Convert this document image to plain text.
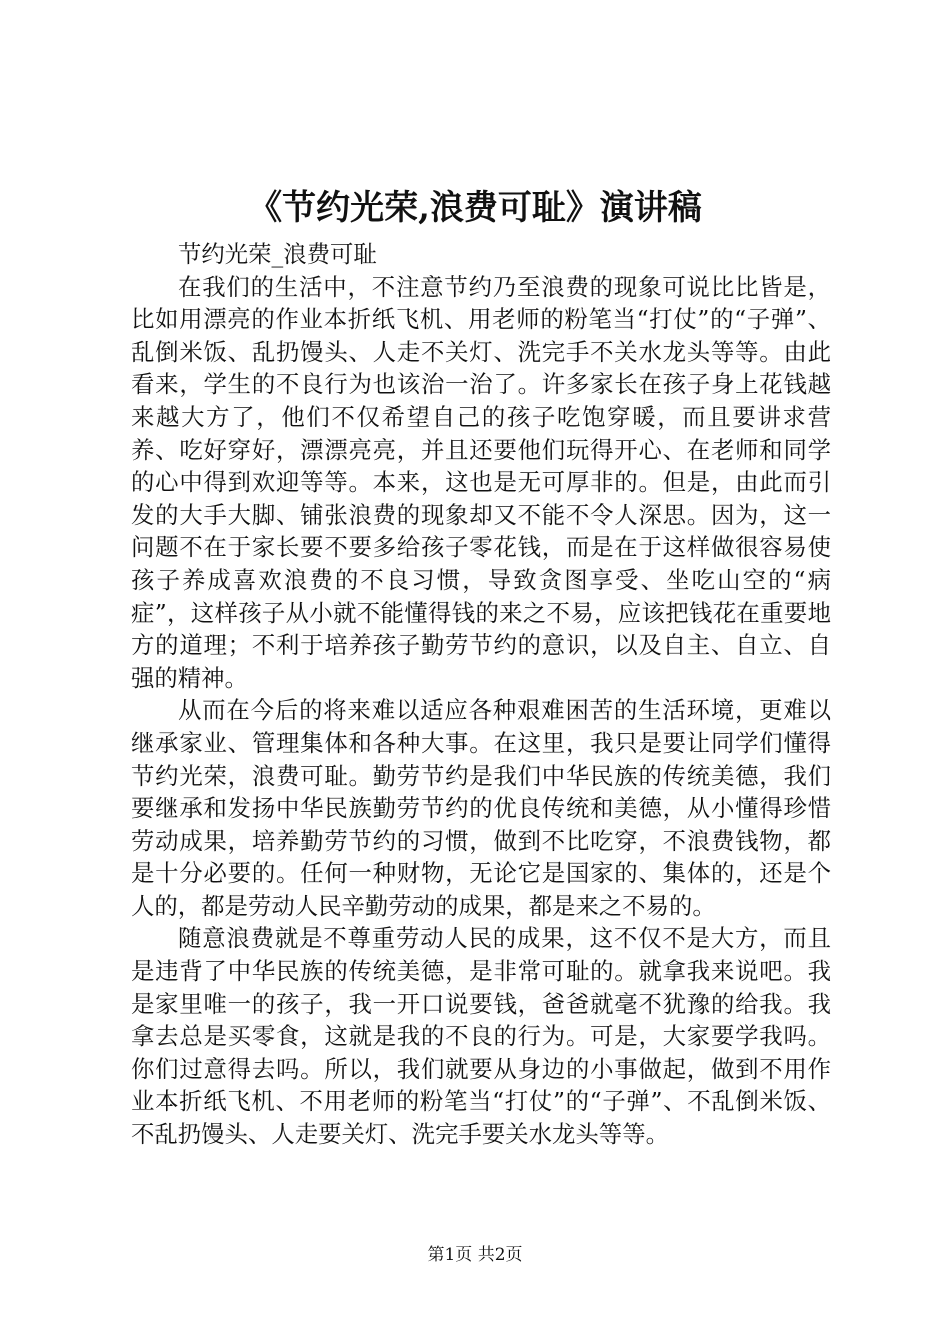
《节约光荣,浪费可耻》演讲稿

节约光荣_浪费可耻

在我们的生活中，不注意节约乃至浪费的现象可说比比皆是，比如用漂亮的作业本折纸飞机、用老师的粉笔当“打仗”的“子弹”、乱倒米饭、乱扔馒头、人走不关灯、洗完手不关水龙头等等。由此看来，学生的不良行为也该治一治了。许多家长在孩子身上花钱越来越大方了，他们不仅希望自己的孩子吃饱穿暖，而且要讲求营养、吃好穿好，漂漂亮亮，并且还要他们玩得开心、在老师和同学的心中得到欢迎等等。本来，这也是无可厚非的。但是，由此而引发的大手大脚、铺张浪费的现象却又不能不令人深思。因为，这一问题不在于家长要不要多给孩子零花钱，而是在于这样做很容易使孩子养成喜欢浪费的不良习惯，导致贪图享受、坐吃山空的“病症”，这样孩子从小就不能懂得钱的来之不易，应该把钱花在重要地方的道理；不利于培养孩子勤劳节约的意识，以及自主、自立、自强的精神。

从而在今后的将来难以适应各种艰难困苦的生活环境，更难以继承家业、管理集体和各种大事。在这里，我只是要让同学们懂得节约光荣，浪费可耻。勤劳节约是我们中华民族的传统美德，我们要继承和发扬中华民族勤劳节约的优良传统和美德，从小懂得珍惜劳动成果，培养勤劳节约的习惯，做到不比吃穿，不浪费钱物，都是十分必要的。任何一种财物，无论它是国家的、集体的，还是个人的，都是劳动人民辛勤劳动的成果，都是来之不易的。

随意浪费就是不尊重劳动人民的成果，这不仅不是大方，而且是违背了中华民族的传统美德，是非常可耻的。就拿我来说吧。我是家里唯一的孩子，我一开口说要钱，爸爸就毫不犹豫的给我。我拿去总是买零食，这就是我的不良的行为。可是，大家要学我吗。你们过意得去吗。所以，我们就要从身边的小事做起，做到不用作业本折纸飞机、不用老师的粉笔当“打仗”的“子弹”、不乱倒米饭、不乱扔馒头、人走要关灯、洗完手要关水龙头等等。

第1页 共2页
